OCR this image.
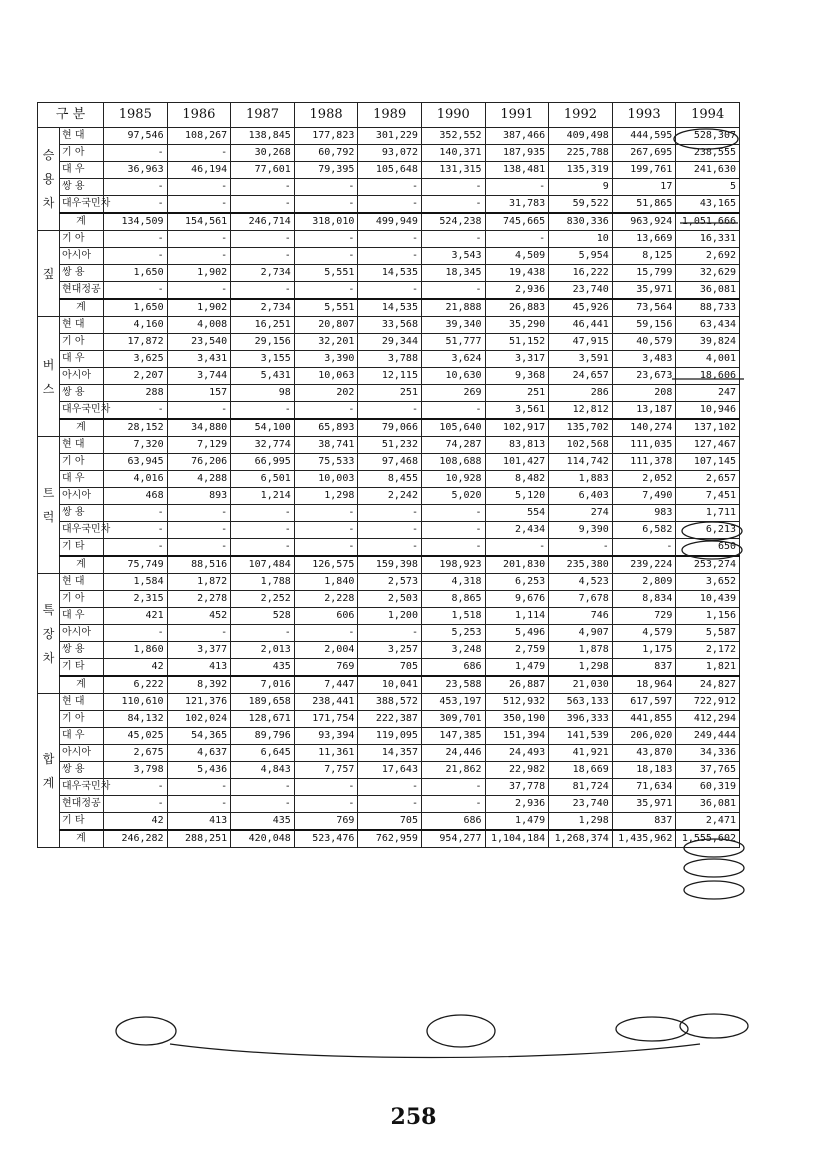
구 분		1985	1986	1987	1988	1989	1990	1991	1992	1993	1994
승용차	현 대	97,546	108,267	138,845	177,823	301,229	352,552	387,466	409,498	444,595	528,307
	기 아	-	-	30,268	60,792	93,072	140,371	187,935	225,788	267,695	238,555
	대 우	36,963	46,194	77,601	79,395	105,648	131,315	138,481	135,319	199,761	241,630
	쌍 용	-	-	-	-	-	-	-	9	17	5
	대우국민차	-	-	-	-	-	-	31,783	59,522	51,865	43,165
	계	134,509	154,561	246,714	318,010	499,949	524,238	745,665	830,336	963,924	1,051,666
짚	기 아	-	-	-	-	-	-	-	10	13,669	16,331
	아시아	-	-	-	-	-	3,543	4,509	5,954	8,125	2,692
	쌍 용	1,650	1,902	2,734	5,551	14,535	18,345	19,438	16,222	15,799	32,629
	현대정공	-	-	-	-	-	-	2,936	23,740	35,971	36,081
	계	1,650	1,902	2,734	5,551	14,535	21,888	26,883	45,926	73,564	88,733
버스	현 대	4,160	4,008	16,251	20,807	33,568	39,340	35,290	46,441	59,156	63,434
	기 아	17,872	23,540	29,156	32,201	29,344	51,777	51,152	47,915	40,579	39,824
	대 우	3,625	3,431	3,155	3,390	3,788	3,624	3,317	3,591	3,483	4,001
	아시아	2,207	3,744	5,431	10,063	12,115	10,630	9,368	24,657	23,673	18,606
	쌍 용	288	157	98	202	251	269	251	286	208	247
	대우국민차	-	-	-	-	-	-	3,561	12,812	13,187	10,946
	계	28,152	34,880	54,100	65,893	79,066	105,640	102,917	135,702	140,274	137,102
트럭	현 대	7,320	7,129	32,774	38,741	51,232	74,287	83,813	102,568	111,035	127,467
	기 아	63,945	76,206	66,995	75,533	97,468	108,688	101,427	114,742	111,378	107,145
	대 우	4,016	4,288	6,501	10,003	8,455	10,928	8,482	1,883	2,052	2,657
	아시아	468	893	1,214	1,298	2,242	5,020	5,120	6,403	7,490	7,451
	쌍 용	-	-	-	-	-	-	554	274	983	1,711
	대우국민차	-	-	-	-	-	-	2,434	9,390	6,582	6,213
	기 타	-	-	-	-	-	-	-	-	-	650
	계	75,749	88,516	107,484	126,575	159,398	198,923	201,830	235,380	239,224	253,274
특장차	현 대	1,584	1,872	1,788	1,840	2,573	4,318	6,253	4,523	2,809	3,652
	기 아	2,315	2,278	2,252	2,228	2,503	8,865	9,676	7,678	8,834	10,439
	대 우	421	452	528	606	1,200	1,518	1,114	746	729	1,156
	아시아	-	-	-	-	-	5,253	5,496	4,907	4,579	5,587
	쌍 용	1,860	3,377	2,013	2,004	3,257	3,248	2,759	1,878	1,175	2,172
	기 타	42	413	435	769	705	686	1,479	1,298	837	1,821
	계	6,222	8,392	7,016	7,447	10,041	23,588	26,887	21,030	18,964	24,827
합계	현 대	110,610	121,376	189,658	238,441	388,572	453,197	512,932	563,133	617,597	722,912
	기 아	84,132	102,024	128,671	171,754	222,387	309,701	350,190	396,333	441,855	412,294
	대 우	45,025	54,365	89,796	93,394	119,095	147,385	151,394	141,539	206,020	249,444
	아시아	2,675	4,637	6,645	11,361	14,357	24,446	24,493	41,921	43,870	34,336
	쌍 용	3,798	5,436	4,843	7,757	17,643	21,862	22,982	18,669	18,183	37,765
	대우국민차	-	-	-	-	-	-	37,778	81,724	71,634	60,319
	현대정공	-	-	-	-	-	-	2,936	23,740	35,971	36,081
	기 타	42	413	435	769	705	686	1,479	1,298	837	2,471
	계	246,282	288,251	420,048	523,476	762,959	954,277	1,104,184	1,268,374	1,435,962	1,555,602
258
